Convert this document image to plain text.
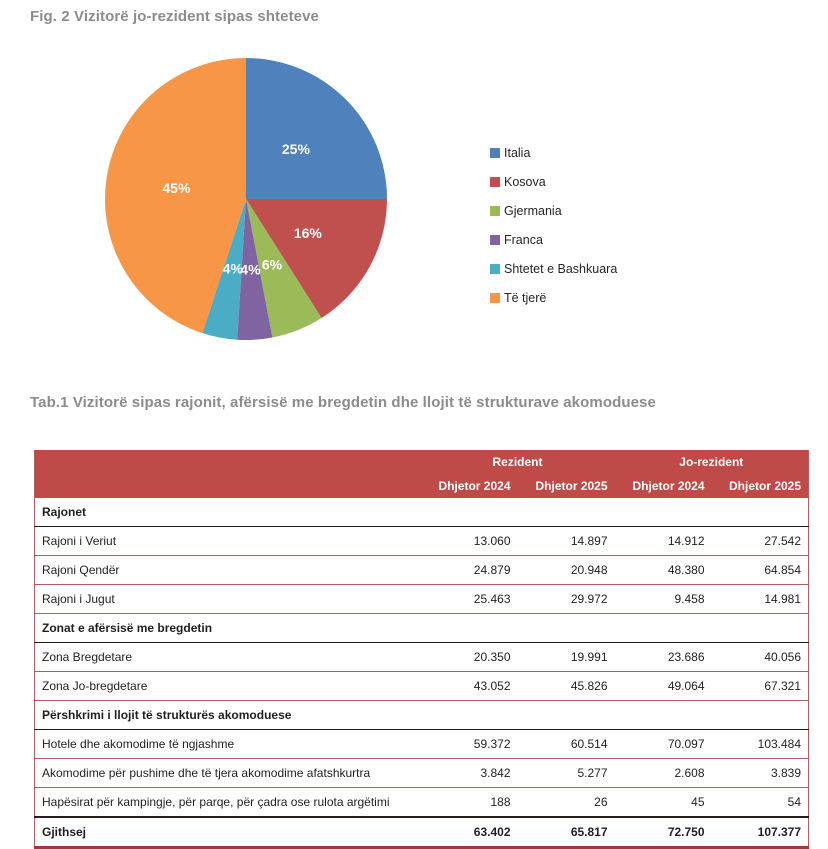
Fig. 2 Vizitorë jo-rezident sipas shteteve
25%
16%
6%
4%
4%
45%
Italia
Kosova
Gjermania
Franca
Shtetet e Bashkuara
Të tjerë
Tab.1 Vizitorë sipas rajonit, afërsisë me bregdetin dhe llojit të strukturave akomoduese
	Rezident		Jo-rezident	
	Dhjetor 2024	Dhjetor 2025	Dhjetor 2024	Dhjetor 2025
Rajonet				
Rajoni i Veriut	13.060	14.897	14.912	27.542
Rajoni Qendër	24.879	20.948	48.380	64.854
Rajoni i Jugut	25.463	29.972	9.458	14.981
Zonat e afërsisë me bregdetin				
Zona Bregdetare	20.350	19.991	23.686	40.056
Zona Jo-bregdetare	43.052	45.826	49.064	67.321
Përshkrimi i llojit të strukturës akomoduese				
Hotele dhe akomodime të ngjashme	59.372	60.514	70.097	103.484
Akomodime për pushime dhe të tjera akomodime afatshkurtra	3.842	5.277	2.608	3.839
Hapësirat për kampingje, për parqe, për çadra ose rulota argëtimi	188	26	45	54
Gjithsej	63.402	65.817	72.750	107.377
